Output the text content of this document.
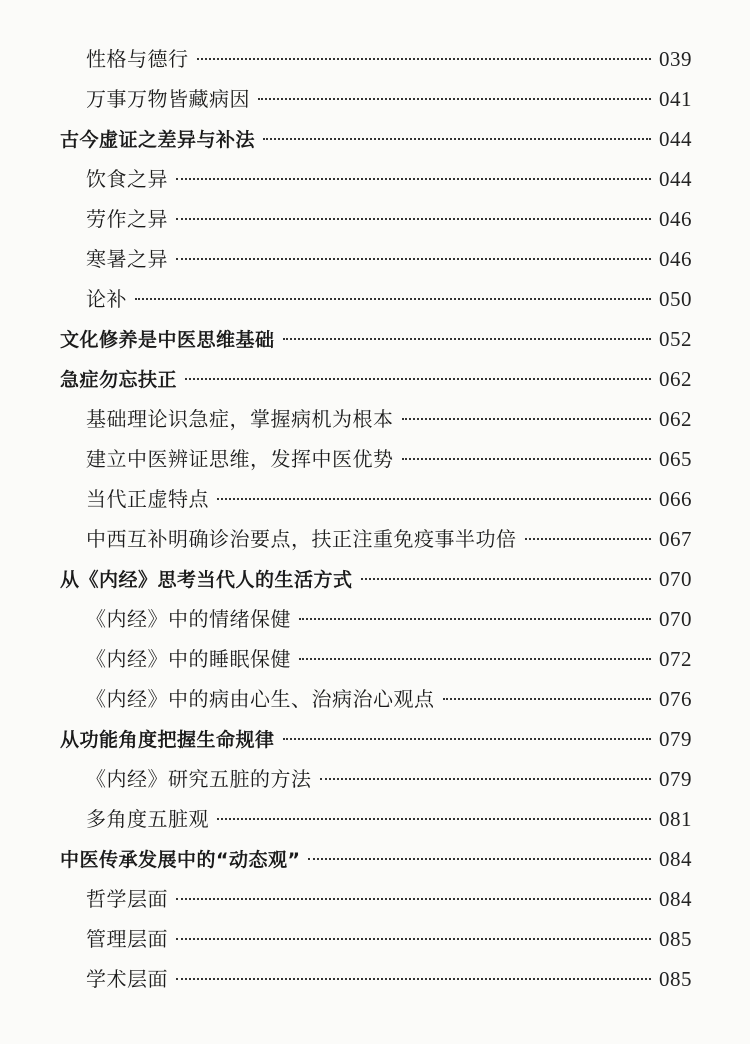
性格与德行	039
万事万物皆藏病因	041
古今虚证之差异与补法	044
饮食之异	044
劳作之异	046
寒暑之异	046
论补	050
文化修养是中医思维基础	052
急症勿忘扶正	062
基础理论识急症，掌握病机为根本	062
建立中医辨证思维，发挥中医优势	065
当代正虚特点	066
中西互补明确诊治要点，扶正注重免疫事半功倍	067
从《内经》思考当代人的生活方式	070
《内经》中的情绪保健	070
《内经》中的睡眠保健	072
《内经》中的病由心生、治病治心观点	076
从功能角度把握生命规律	079
《内经》研究五脏的方法	079
多角度五脏观	081
中医传承发展中的“动态观”	084
哲学层面	084
管理层面	085
学术层面	085
